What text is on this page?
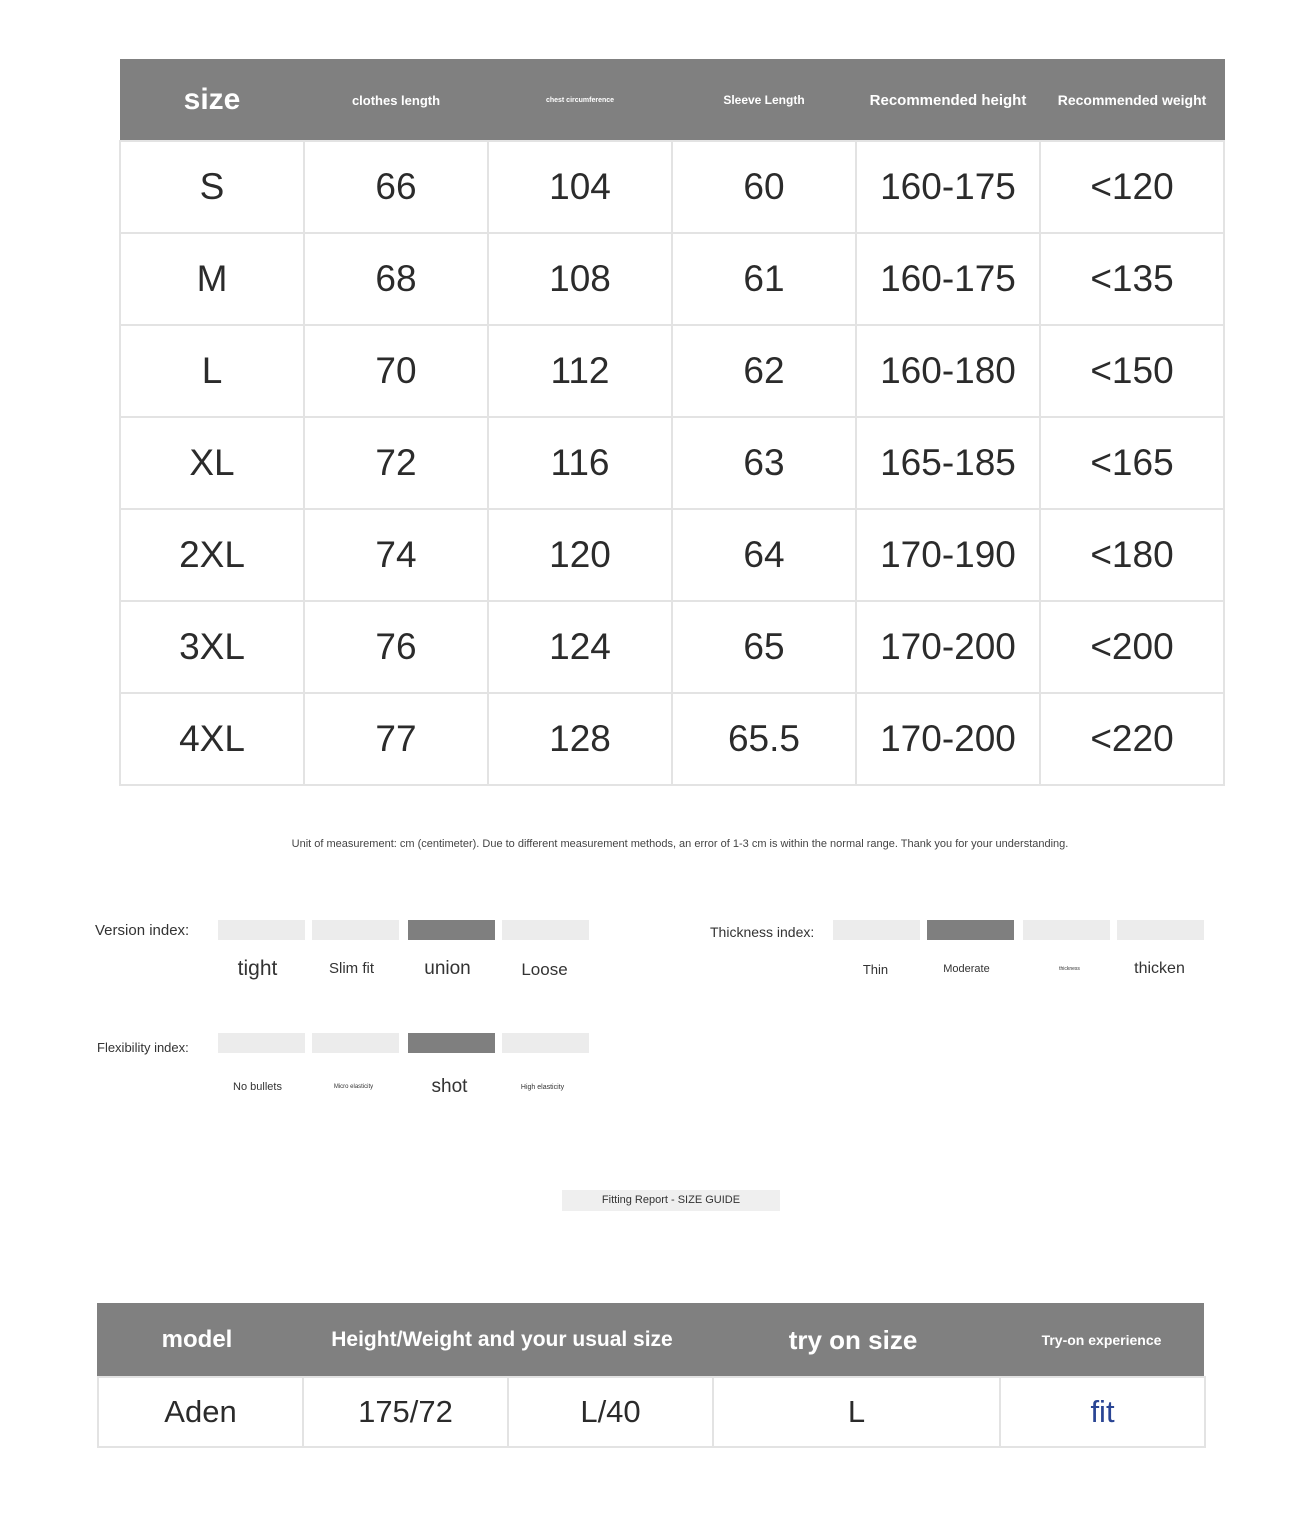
size	clothes length	chest circumference	Sleeve Length	Recommended height	Recommended weight
S	66	104	60	160-175	<120
M	68	108	61	160-175	<135
L	70	112	62	160-180	<150
XL	72	116	63	165-185	<165
2XL	74	120	64	170-190	<180
3XL	76	124	65	170-200	<200
4XL	77	128	65.5	170-200	<220
Unit of measurement: cm (centimeter). Due to different measurement methods, an error of 1-3 cm is within the normal range. Thank you for your understanding.
Version index:
tight	Slim fit	union	Loose
Thickness index:
Thin	Moderate	thickness	thicken
Flexibility index:
No bullets	Micro elasticity	shot	High elasticity
Fitting Report - SIZE GUIDE
model	Height/Weight and your usual size	try on size	Try-on experience
Aden	175/72	L/40	L	fit
